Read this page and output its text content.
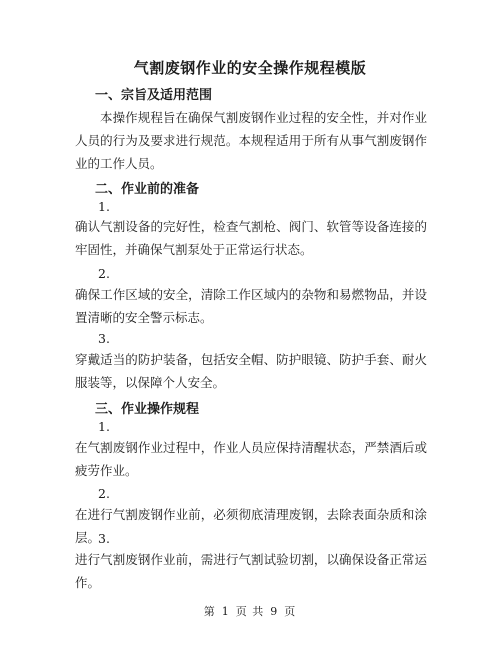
气割废钢作业的安全操作规程模版
一、宗旨及适用范围
本操作规程旨在确保气割废钢作业过程的安全性，并对作业人员的行为及要求进行规范。本规程适用于所有从事气割废钢作业的工作人员。
二、作业前的准备
1.
确认气割设备的完好性，检查气割枪、阀门、软管等设备连接的牢固性，并确保气割泵处于正常运行状态。
2.
确保工作区域的安全，清除工作区域内的杂物和易燃物品，并设置清晰的安全警示标志。
3.
穿戴适当的防护装备，包括安全帽、防护眼镜、防护手套、耐火服装等，以保障个人安全。
三、作业操作规程
1.
在气割废钢作业过程中，作业人员应保持清醒状态，严禁酒后或疲劳作业。
2.
在进行气割废钢作业前，必须彻底清理废钢，去除表面杂质和涂层。
3.
进行气割废钢作业前，需进行气割试验切割，以确保设备正常运作。
第 1 页 共 9 页
